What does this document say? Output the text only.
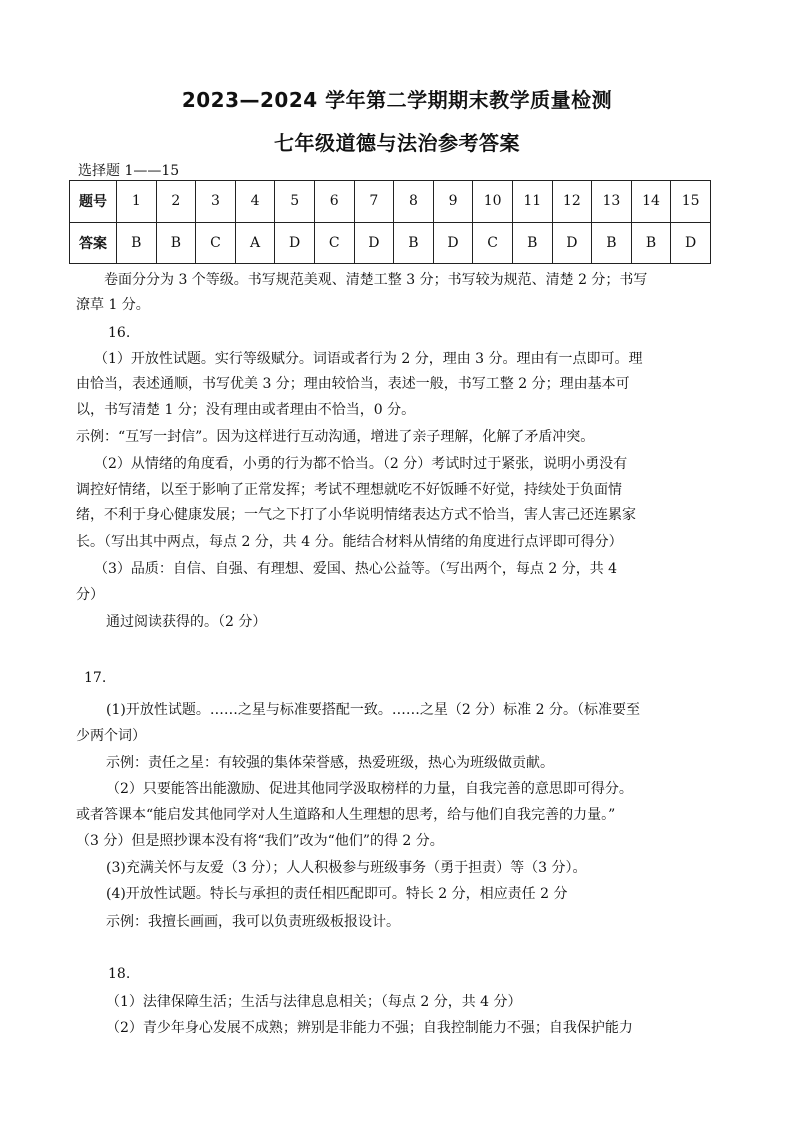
2023—2024 学年第二学期期末教学质量检测
七年级道德与法治参考答案
选择题 1——15
题号	1	2	3	4	5	6	7	8	9	10	11	12	13	14	15
答案	B	B	C	A	D	C	D	B	D	C	B	D	B	B	D
卷面分分为 3 个等级。书写规范美观、清楚工整 3 分；书写较为规范、清楚 2 分；书写
潦草 1 分。
16.
（1）开放性试题。实行等级赋分。词语或者行为 2 分，理由 3 分。理由有一点即可。理
由恰当，表述通顺，书写优美 3 分；理由较恰当，表述一般，书写工整 2 分；理由基本可
以，书写清楚 1 分；没有理由或者理由不恰当，0 分。
示例：“互写一封信”。因为这样进行互动沟通，增进了亲子理解，化解了矛盾冲突。
（2）从情绪的角度看，小勇的行为都不恰当。（2 分）考试时过于紧张，说明小勇没有
调控好情绪，以至于影响了正常发挥；考试不理想就吃不好饭睡不好觉，持续处于负面情
绪，不利于身心健康发展；一气之下打了小华说明情绪表达方式不恰当，害人害己还连累家
长。（写出其中两点，每点 2 分，共 4 分。能结合材料从情绪的角度进行点评即可得分）
（3）品质：自信、自强、有理想、爱国、热心公益等。（写出两个，每点 2 分，共 4
分）
通过阅读获得的。（2 分）
17.
(1)开放性试题。……之星与标准要搭配一致。……之星（2 分）标准 2 分。（标准要至
少两个词）
示例：责任之星：有较强的集体荣誉感，热爱班级，热心为班级做贡献。
（2）只要能答出能激励、促进其他同学汲取榜样的力量，自我完善的意思即可得分。
或者答课本“能启发其他同学对人生道路和人生理想的思考，给与他们自我完善的力量。”
（3 分）但是照抄课本没有将“我们”改为“他们”的得 2 分。
(3)充满关怀与友爱（3 分）；人人积极参与班级事务（勇于担责）等（3 分）。
(4)开放性试题。特长与承担的责任相匹配即可。特长 2 分，相应责任 2 分
示例：我擅长画画，我可以负责班级板报设计。
18.
（1）法律保障生活；生活与法律息息相关；（每点 2 分，共 4 分）
（2）青少年身心发展不成熟；辨别是非能力不强；自我控制能力不强；自我保护能力
